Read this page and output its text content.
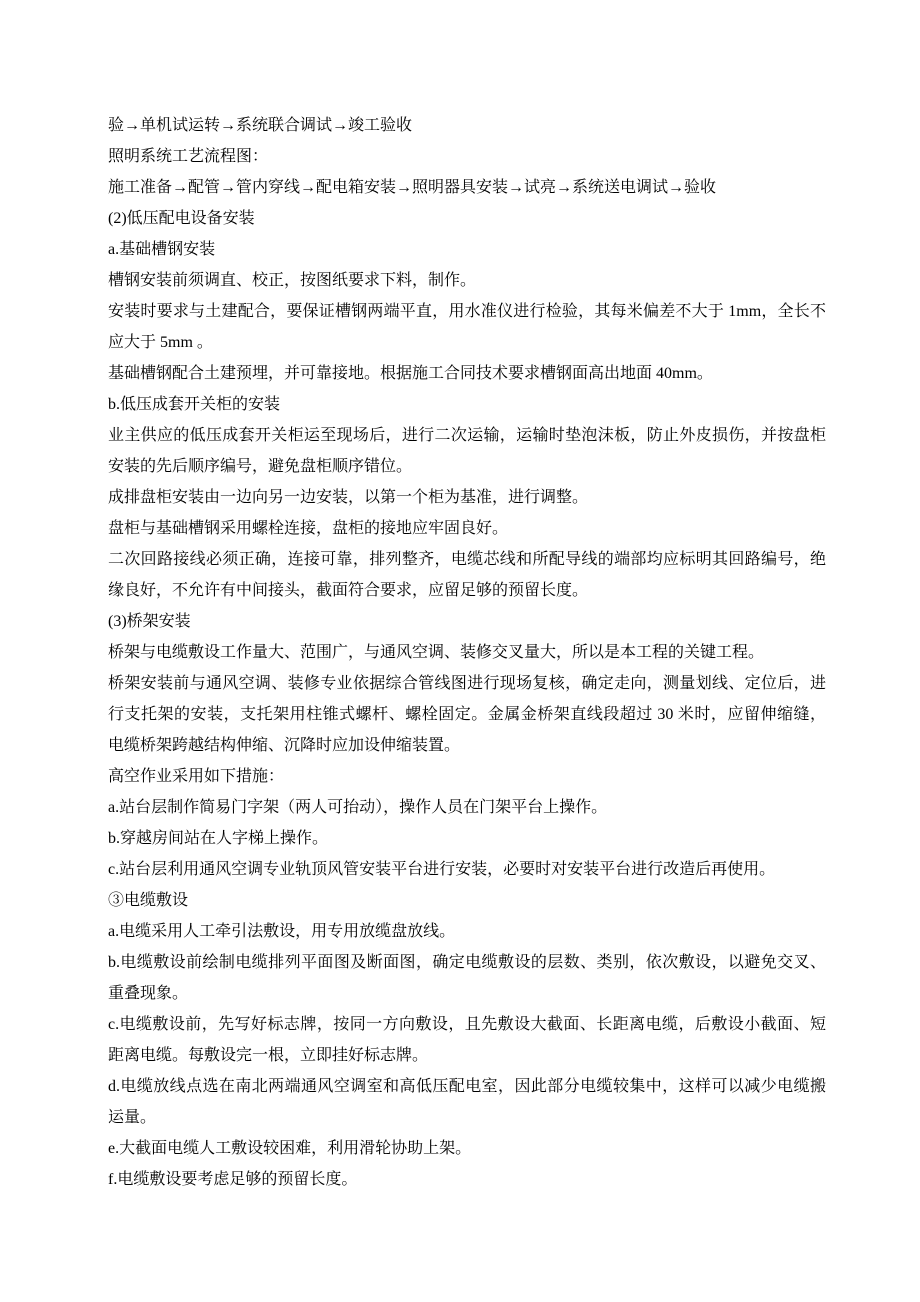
验→单机试运转→系统联合调试→竣工验收
照明系统工艺流程图：
施工准备→配管→管内穿线→配电箱安装→照明器具安装→试亮→系统送电调试→验收
(2)低压配电设备安装
a.基础槽钢安装
槽钢安装前须调直、校正，按图纸要求下料，制作。
安装时要求与土建配合，要保证槽钢两端平直，用水准仪进行检验，其每米偏差不大于 1mm，全长不
应大于 5mm 。
基础槽钢配合土建预埋，并可靠接地。根据施工合同技术要求槽钢面高出地面 40mm。
b.低压成套开关柜的安装
业主供应的低压成套开关柜运至现场后，进行二次运输，运输时垫泡沫板，防止外皮损伤，并按盘柜
安装的先后顺序编号，避免盘柜顺序错位。
成排盘柜安装由一边向另一边安装，以第一个柜为基准，进行调整。
盘柜与基础槽钢采用螺栓连接，盘柜的接地应牢固良好。
二次回路接线必须正确，连接可靠，排列整齐，电缆芯线和所配导线的端部均应标明其回路编号，绝
缘良好，不允许有中间接头，截面符合要求，应留足够的预留长度。
(3)桥架安装
桥架与电缆敷设工作量大、范围广，与通风空调、装修交叉量大，所以是本工程的关键工程。
桥架安装前与通风空调、装修专业依据综合管线图进行现场复核，确定走向，测量划线、定位后，进
行支托架的安装，支托架用柱锥式螺杆、螺栓固定。金属金桥架直线段超过 30 米时，应留伸缩缝，
电缆桥架跨越结构伸缩、沉降时应加设伸缩装置。
高空作业采用如下措施：
a.站台层制作简易门字架（两人可抬动），操作人员在门架平台上操作。
b.穿越房间站在人字梯上操作。
c.站台层利用通风空调专业轨顶风管安装平台进行安装，必要时对安装平台进行改造后再使用。
③电缆敷设
a.电缆采用人工牵引法敷设，用专用放缆盘放线。
b.电缆敷设前绘制电缆排列平面图及断面图，确定电缆敷设的层数、类别，依次敷设，以避免交叉、
重叠现象。
c.电缆敷设前，先写好标志牌，按同一方向敷设，且先敷设大截面、长距离电缆，后敷设小截面、短
距离电缆。每敷设完一根，立即挂好标志牌。
d.电缆放线点选在南北两端通风空调室和高低压配电室，因此部分电缆较集中，这样可以减少电缆搬
运量。
e.大截面电缆人工敷设较困难，利用滑轮协助上架。
f.电缆敷设要考虑足够的预留长度。
